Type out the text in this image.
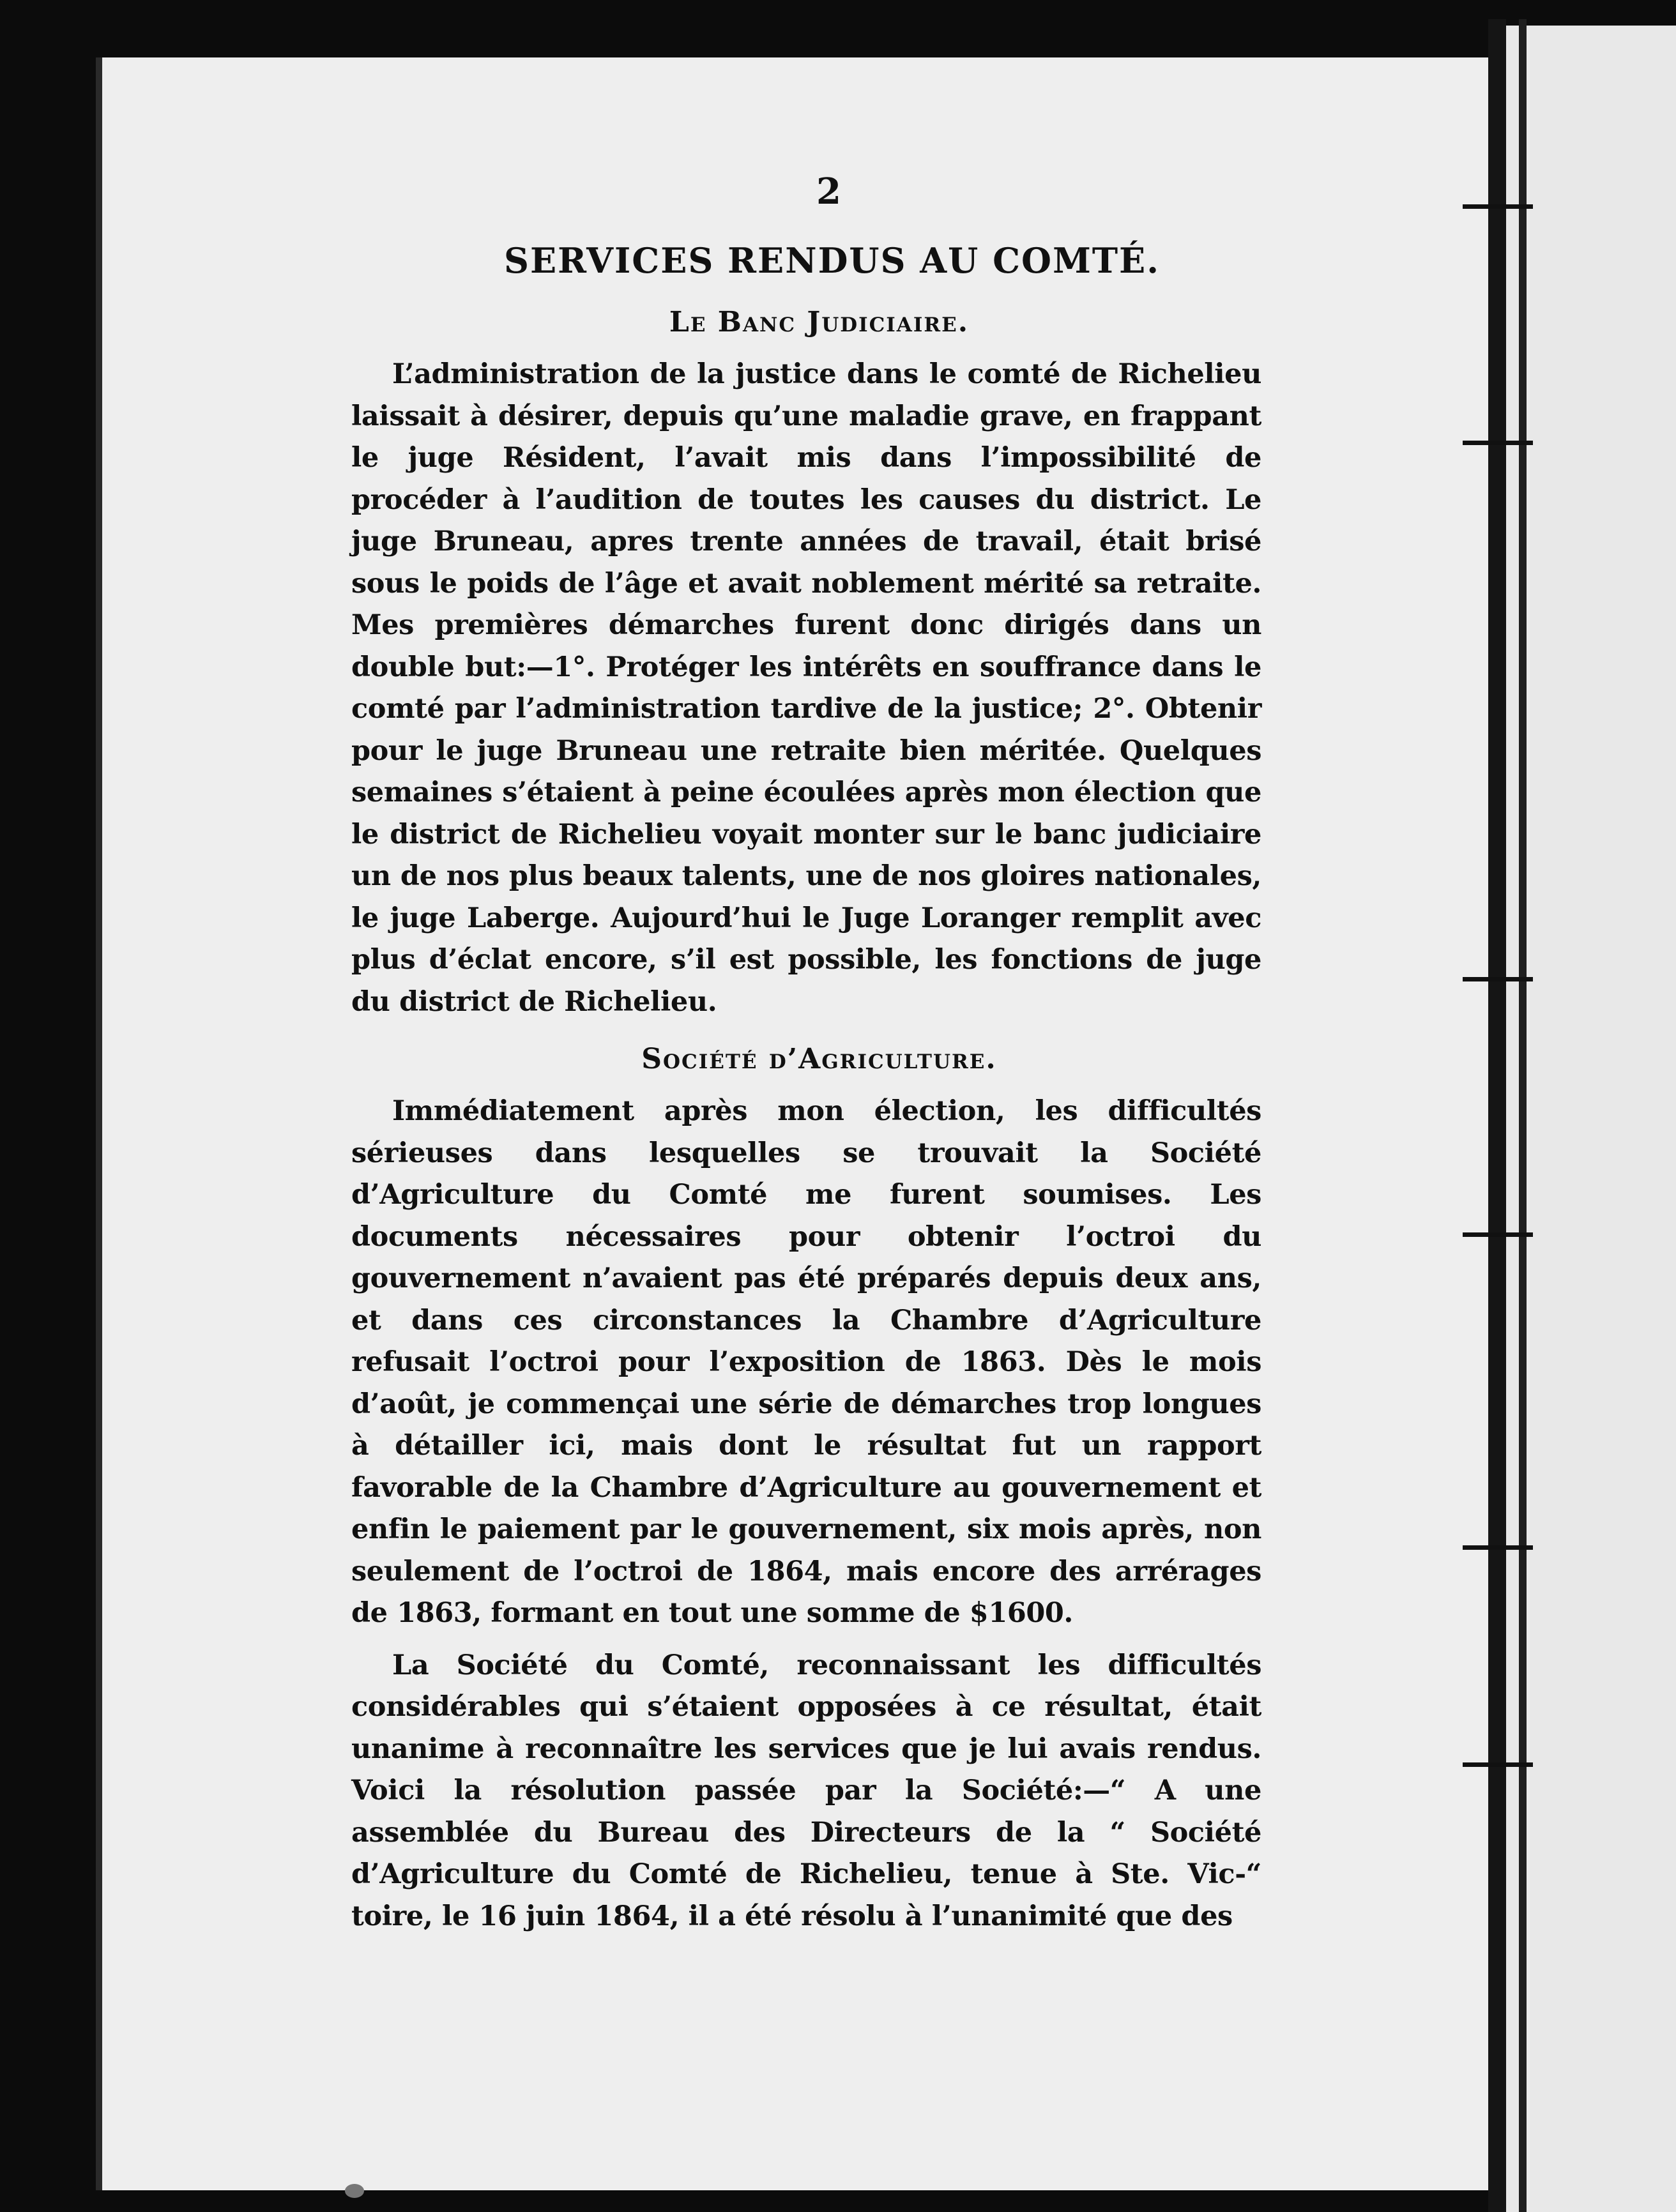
2
SERVICES RENDUS AU COMTÉ.
Le Banc Judiciaire.

L’administration de la justice dans le comté de Richelieu laissait à désirer, depuis qu’une maladie grave, en frappant le juge Résident, l’avait mis dans l’impossibilité de procéder à l’audition de toutes les causes du district. Le juge Bruneau, apres trente années de travail, était brisé sous le poids de l’âge et avait noblement mérité sa retraite. Mes premières démarches furent donc dirigés dans un double but:—1°. Protéger les intérêts en souffrance dans le comté par l’administration tardive de la justice; 2°. Obtenir pour le juge Bruneau une retraite bien méritée. Quelques semaines s’étaient à peine écoulées après mon élection que le district de Richelieu voyait monter sur le banc judiciaire un de nos plus beaux talents, une de nos gloires nationales, le juge Laberge. Aujourd’hui le Juge Loranger remplit avec plus d’éclat encore, s’il est possible, les fonctions de juge du district de Richelieu.

Société d’Agriculture.

Immédiatement après mon élection, les difficultés sérieuses dans lesquelles se trouvait la Société d’Agriculture du Comté me furent soumises. Les documents nécessaires pour obtenir l’octroi du gouvernement n’avaient pas été préparés depuis deux ans, et dans ces circonstances la Chambre d’Agriculture refusait l’octroi pour l’exposition de 1863. Dès le mois d’août, je commençai une série de démarches trop longues à détailler ici, mais dont le résultat fut un rapport favorable de la Chambre d’Agriculture au gouvernement et enfin le paiement par le gouvernement, six mois après, non seulement de l’octroi de 1864, mais encore des arrérages de 1863, formant en tout une somme de $1600.

La Société du Comté, reconnaissant les difficultés considérables qui s’étaient opposées à ce résultat, était unanime à reconnaître les services que je lui avais rendus. Voici la résolution passée par la Société:—“ A une assemblée du Bureau des Directeurs de la “ Société d’Agriculture du Comté de Richelieu, tenue à Ste. Vic-“ toire, le 16 juin 1864, il a été résolu à l’unanimité que des
